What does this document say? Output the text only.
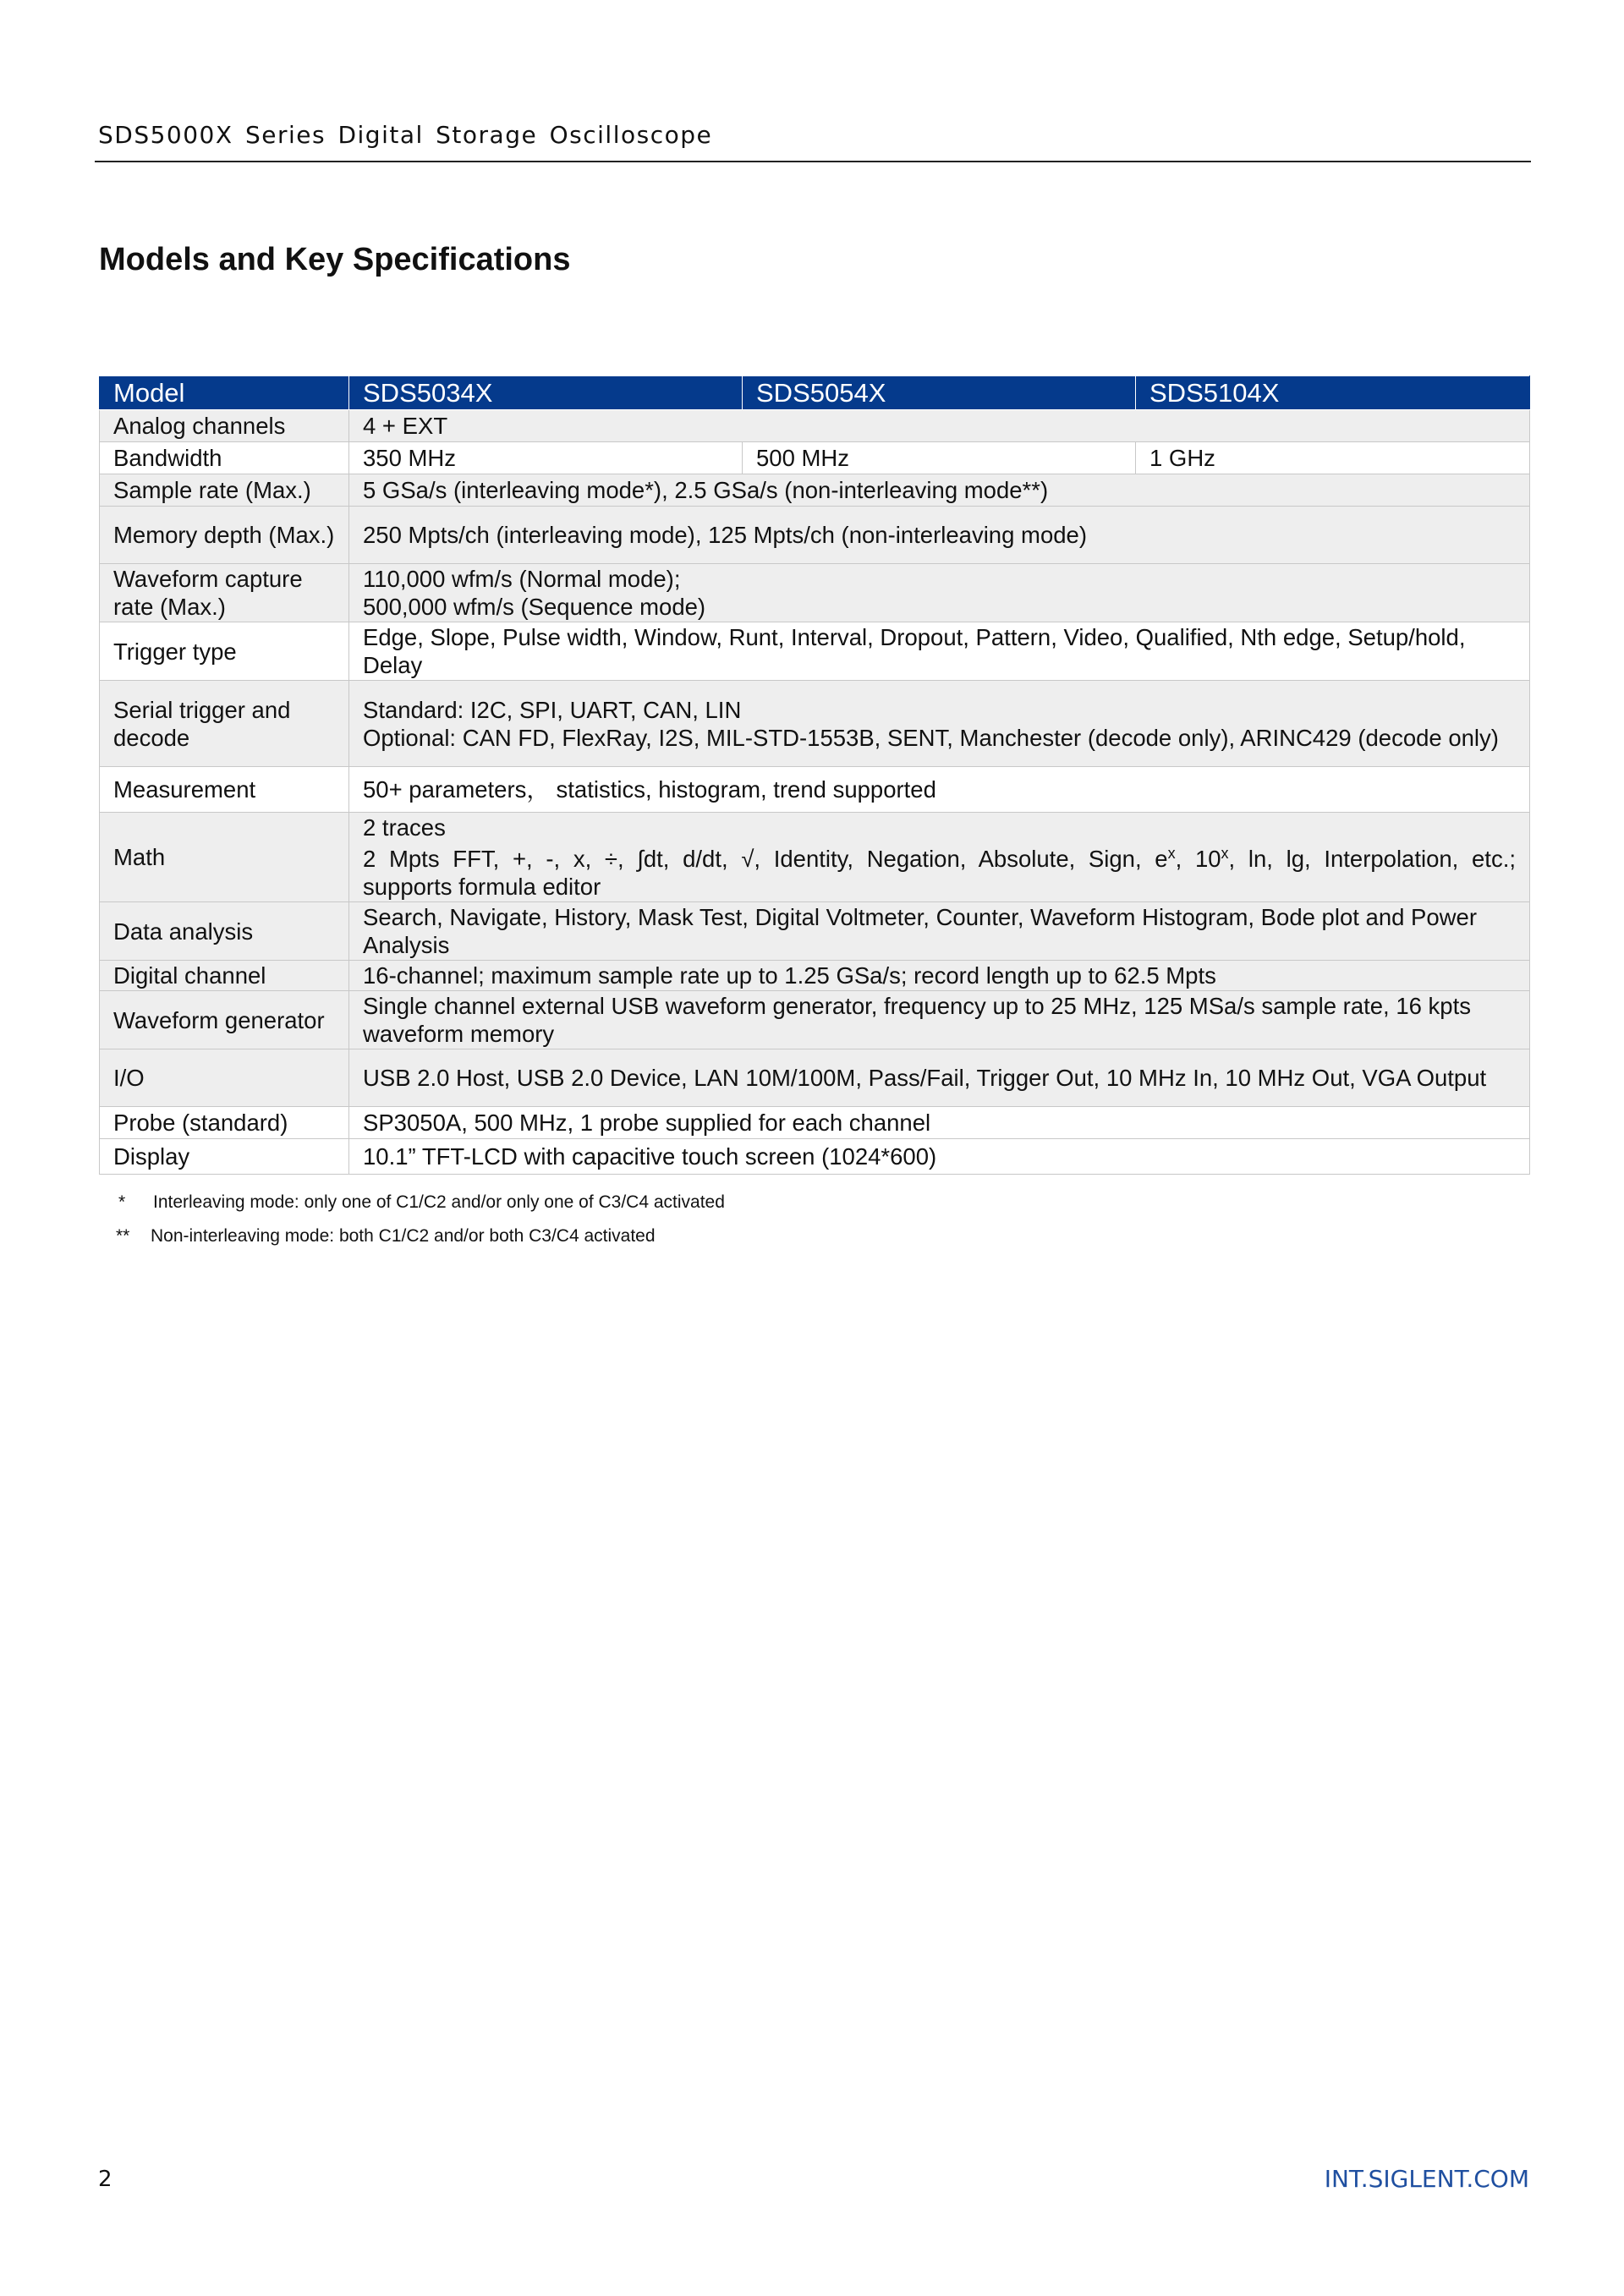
SDS5000X Series Digital Storage Oscilloscope
Models and Key Specifications
Model	SDS5034X	SDS5054X	SDS5104X
Analog channels	4 + EXT		
Bandwidth	350 MHz	500 MHz	1 GHz
Sample rate (Max.)	5 GSa/s (interleaving mode*), 2.5 GSa/s (non-interleaving mode**)		
Memory depth (Max.)	250 Mpts/ch (interleaving mode), 125 Mpts/ch (non-interleaving mode)		
Waveform capture rate (Max.)	110,000 wfm/s (Normal mode);
500,000 wfm/s (Sequence mode)		

Trigger type	Edge, Slope, Pulse width, Window, Runt, Interval, Dropout, Pattern, Video, Qualified, Nth edge, Setup/hold, Delay		
Serial trigger and decode	Standard: I2C, SPI, UART, CAN, LIN
Optional: CAN FD, FlexRay, I2S, MIL-STD-1553B, SENT, Manchester (decode only), ARINC429 (decode only)		

Measurement	50+ parameters， statistics, histogram, trend supported		
Math	2 traces
2 Mpts FFT, +, -, x, ÷, ∫dt, d/dt, √, Identity, Negation, Absolute, Sign, $e^x$, 10$^x$, ln, lg, Interpolation, etc.;
supports formula editor		

Data analysis	Search, Navigate, History, Mask Test, Digital Voltmeter, Counter, Waveform Histogram, Bode plot and Power Analysis		
Digital channel	16-channel; maximum sample rate up to 1.25 GSa/s; record length up to 62.5 Mpts		
Waveform generator	Single channel external USB waveform generator, frequency up to 25 MHz, 125 MSa/s sample rate, 16 kpts waveform memory		
I/O	USB 2.0 Host, USB 2.0 Device, LAN 10M/100M, Pass/Fail, Trigger Out, 10 MHz In, 10 MHz Out, VGA Output		
Probe (standard)	SP3050A, 500 MHz, 1 probe supplied for each channel		
Display	10.1” TFT-LCD with capacitive touch screen (1024*600)		
*	Interleaving mode: only one of C1/C2 and/or only one of C3/C4 activated
**	Non-interleaving mode: both C1/C2 and/or both C3/C4 activated
2	INT.SIGLENT.COM
